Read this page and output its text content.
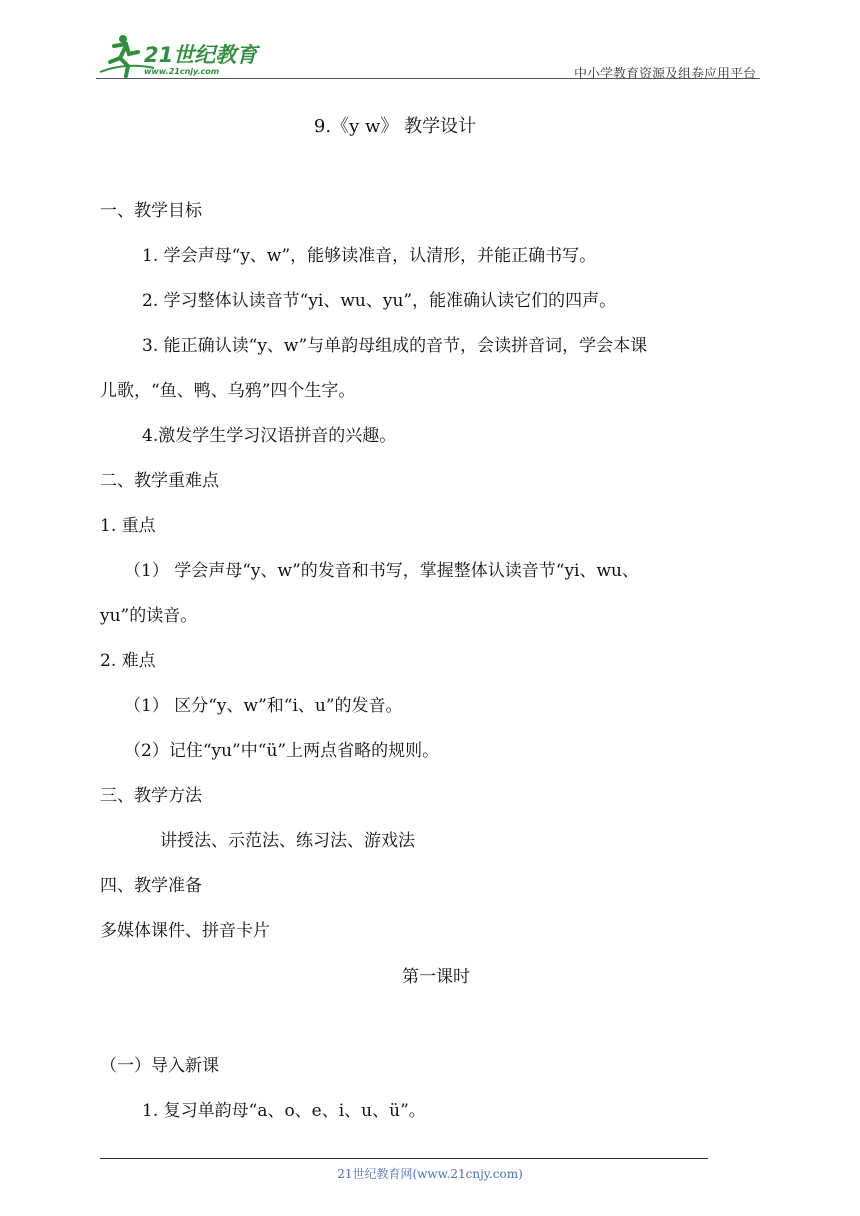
21世纪教育
www.21cnjy.com	中小学教育资源及组卷应用平台
9.《y w》 教学设计
一、教学目标
1. 学会声母“y、w”，能够读准音，认清形，并能正确书写。
2. 学习整体认读音节“yi、wu、yu”，能准确认读它们的四声。
3. 能正确认读“y、w”与单韵母组成的音节，会读拼音词，学会本课
儿歌，“鱼、鸭、乌鸦”四个生字。
4.激发学生学习汉语拼音的兴趣。
二、教学重难点
1. 重点
（1） 学会声母“y、w”的发音和书写，掌握整体认读音节“yi、wu、
yu”的读音。
2. 难点
（1） 区分“y、w”和“i、u”的发音。
（2）记住“yu”中“ü”上两点省略的规则。
三、教学方法
讲授法、示范法、练习法、游戏法
四、教学准备
多媒体课件、拼音卡片
第一课时
（一）导入新课
1. 复习单韵母“a、o、e、i、u、ü”。
21世纪教育网(www.21cnjy.com)
